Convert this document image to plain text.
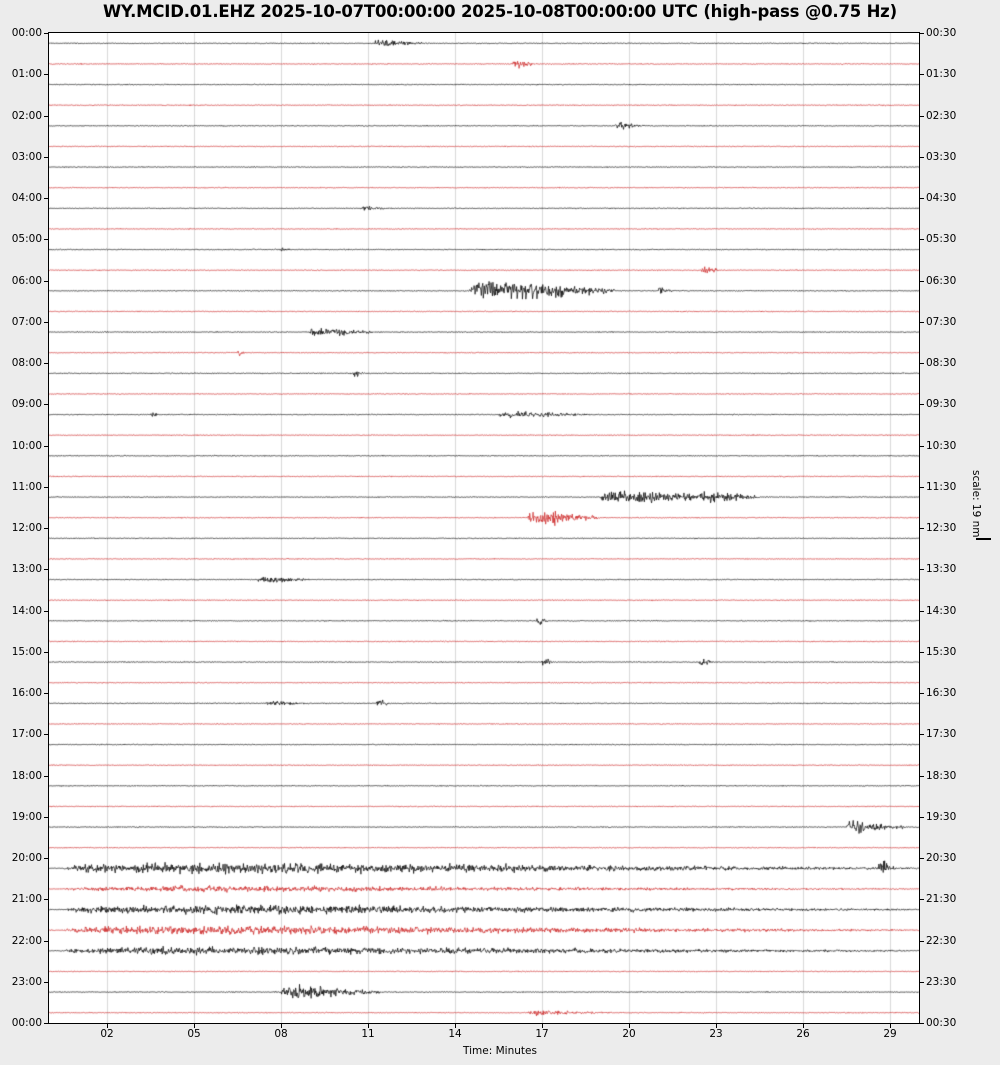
WY.MCID.01.EHZ 2025-10-07T00:00:00 2025-10-08T00:00:00 UTC (high-pass @0.75 Hz)
00:00	00:30
01:00	01:30
02:00	02:30
03:00	03:30
04:00	04:30
05:00	05:30
06:00	06:30
07:00	07:30
08:00	08:30
09:00	09:30
10:00	10:30
11:00	11:30
12:00	12:30
13:00	13:30
14:00	14:30
15:00	15:30
16:00	16:30
17:00	17:30
18:00	18:30
19:00	19:30
20:00	20:30
21:00	21:30
22:00	22:30
23:00	23:30
00:00	00:30
02	05	08	11	14	17	20	23	26	29
Time: Minutes
scale: 19 nm
